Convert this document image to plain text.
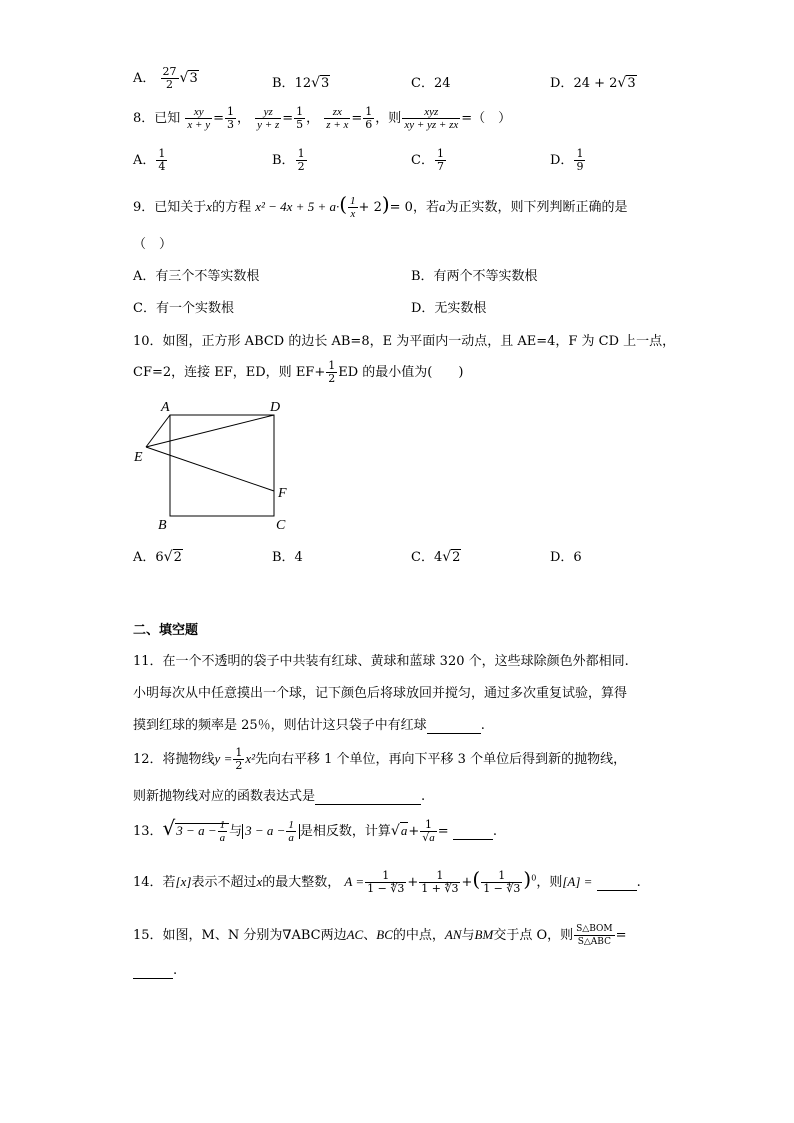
A． $\frac{27}{2} √3$	B．12√3	C．24	D．24 + 2√3
8．已知 $\frac{xy}{x + y} = \frac{1}{3}$ ， $\frac{yz}{y + z} = \frac{1}{5}$ ， $\frac{zx}{z + x} = \frac{1}{6}$ ，则 $\frac{\text{xyz}}{xy + yz + zx}$ =（　）
A． $\frac{1}{4}$	B． $\frac{1}{2}$	C． $\frac{1}{7}$	D． $\frac{1}{9}$
9．已知关于x的方程 $x^2 - 4x + 5 + a\cdot( \frac{1}{x} + 2)= 0$，若a为正实数，则下列判断正确的是
（　）
A．有三个不等实数根	B．有两个不等实数根
C．有一个实数根	D．无实数根
10．如图，正方形 ABCD 的边长 AB=8，E 为平面内一动点，且 AE=4，F 为 CD 上一点，
CF=2，连接 EF，ED，则 $EF+ \frac{1}{2}$ ED 的最小值为(　　)
A	D
E
F
B	C
A．6√2	B．4	C．4√2	D．6
二、填空题
11．在一个不透明的袋子中共装有红球、黄球和蓝球 320 个，这些球除颜色外都相同.
小明每次从中任意摸出一个球，记下颜色后将球放回并搅匀，通过多次重复试验，算得
摸到红球的频率是 25％，则估计这只袋子中有红球	.
12．将抛物线$y = \frac{1}{2} x^2$先向右平移 1 个单位，再向下平移 3 个单位后得到新的抛物线，
则新抛物线对应的函数表达式是	.
13．$√3 - a - \frac{1}{a}$ 与 $3 - a - \frac{1}{a}$ 是相反数，计算$√a+ \frac{1}{√a}$ =	.
14．若[x]表示不超过x的最大整数， $A = \frac{1}{1 - ∜3} + \frac{1}{1 + ∜3}$ +( $\frac{1}{1 - ∜3} )^0$，则[A] =	.
15．如图，M、N 分别为∇ABC两边AC、BC的中点，AN与BM交于点 O，则 $\frac{\text{S△BOM}}{\text{S△ABC}}$ =
.
